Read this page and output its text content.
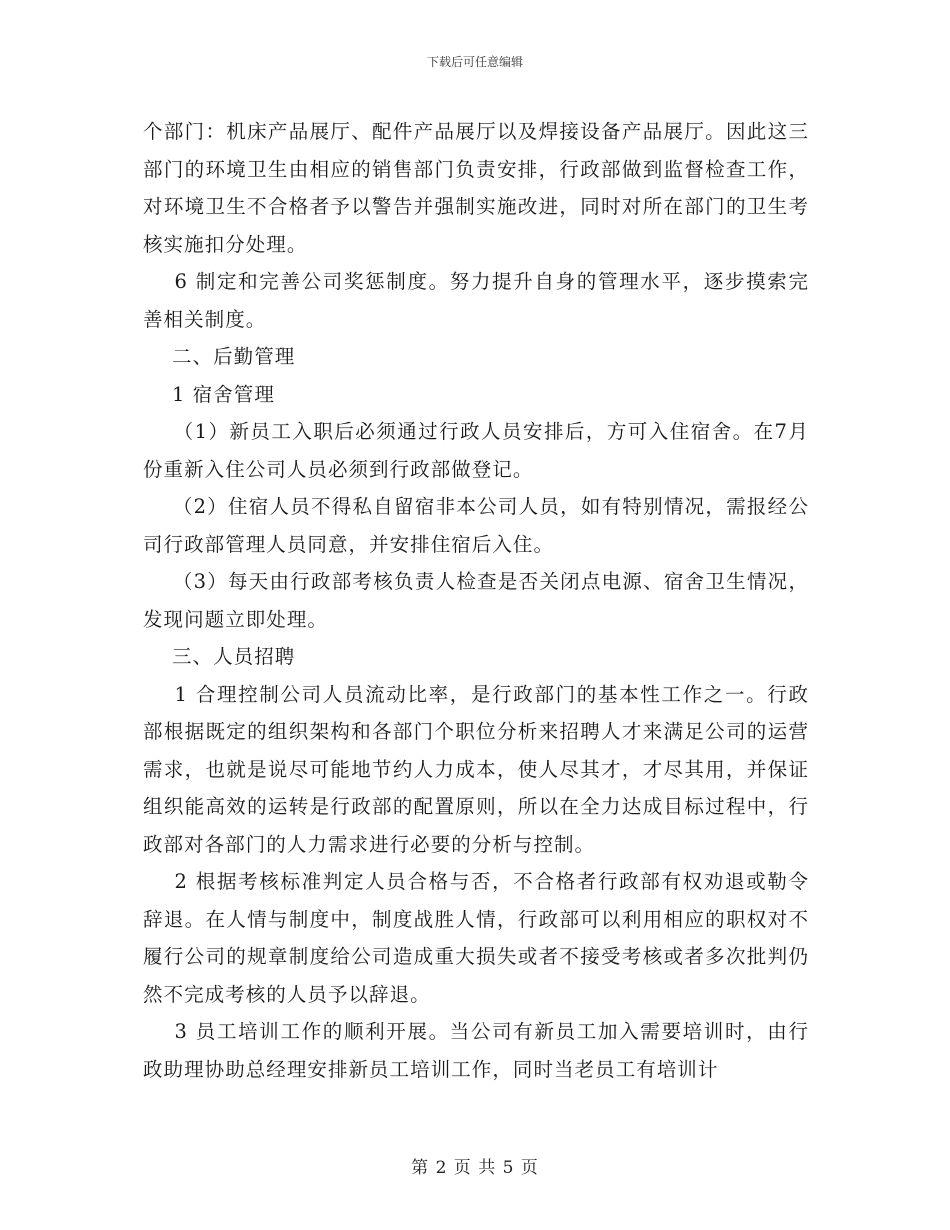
下载后可任意编辑

个部门：机床产品展厅、配件产品展厅以及焊接设备产品展厅。因此这三部门的环境卫生由相应的销售部门负责安排，行政部做到监督检查工作，对环境卫生不合格者予以警告并强制实施改进，同时对所在部门的卫生考核实施扣分处理。

6 制定和完善公司奖惩制度。努力提升自身的管理水平，逐步摸索完善相关制度。

二、后勤管理

1 宿舍管理

（1）新员工入职后必须通过行政人员安排后，方可入住宿舍。在7月份重新入住公司人员必须到行政部做登记。

（2）住宿人员不得私自留宿非本公司人员，如有特别情况，需报经公司行政部管理人员同意，并安排住宿后入住。

（3）每天由行政部考核负责人检查是否关闭点电源、宿舍卫生情况，发现问题立即处理。

三、人员招聘

1 合理控制公司人员流动比率，是行政部门的基本性工作之一。行政部根据既定的组织架构和各部门个职位分析来招聘人才来满足公司的运营需求，也就是说尽可能地节约人力成本，使人尽其才，才尽其用，并保证组织能高效的运转是行政部的配置原则，所以在全力达成目标过程中，行政部对各部门的人力需求进行必要的分析与控制。

2 根据考核标准判定人员合格与否，不合格者行政部有权劝退或勒令辞退。在人情与制度中，制度战胜人情，行政部可以利用相应的职权对不履行公司的规章制度给公司造成重大损失或者不接受考核或者多次批判仍然不完成考核的人员予以辞退。

3 员工培训工作的顺利开展。当公司有新员工加入需要培训时，由行政助理协助总经理安排新员工培训工作，同时当老员工有培训计

第 2 页 共 5 页
